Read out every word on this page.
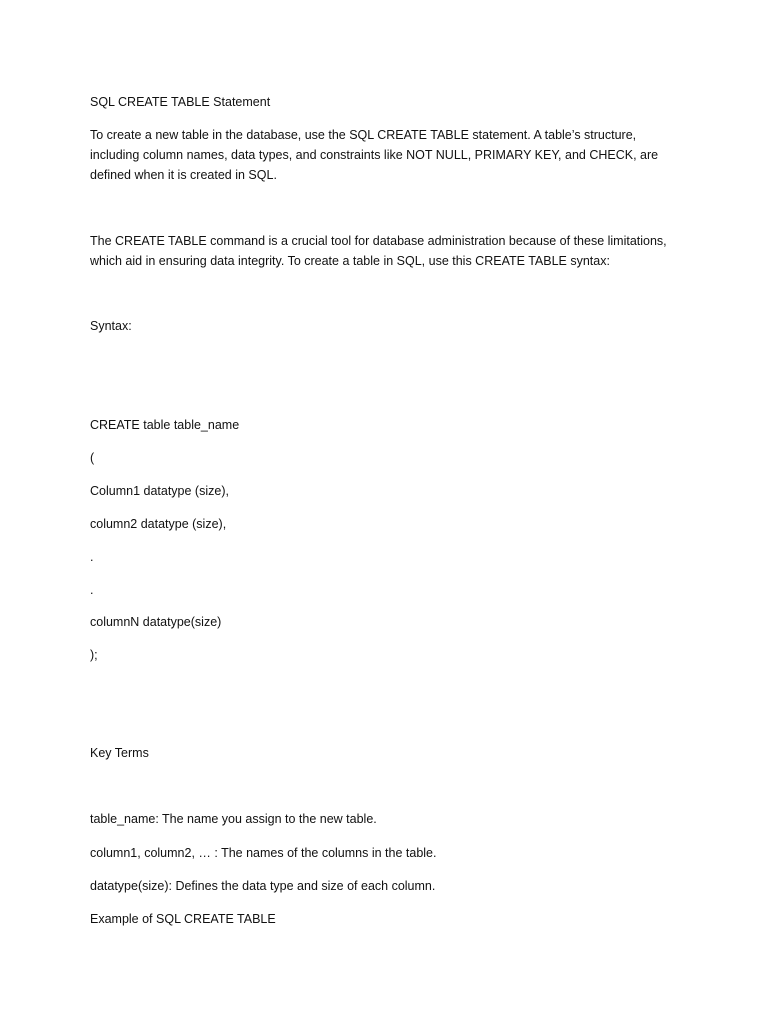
SQL CREATE TABLE Statement
To create a new table in the database, use the SQL CREATE TABLE statement. A table’s structure, including column names, data types, and constraints like NOT NULL, PRIMARY KEY, and CHECK, are defined when it is created in SQL.
The CREATE TABLE command is a crucial tool for database administration because of these limitations, which aid in ensuring data integrity. To create a table in SQL, use this CREATE TABLE syntax:
Syntax:
CREATE table table_name
(
Column1 datatype (size),
column2 datatype (size),
.
.
columnN datatype(size)
);
Key Terms
table_name: The name you assign to the new table.
column1, column2, … : The names of the columns in the table.
datatype(size): Defines the data type and size of each column.
Example of SQL CREATE TABLE
